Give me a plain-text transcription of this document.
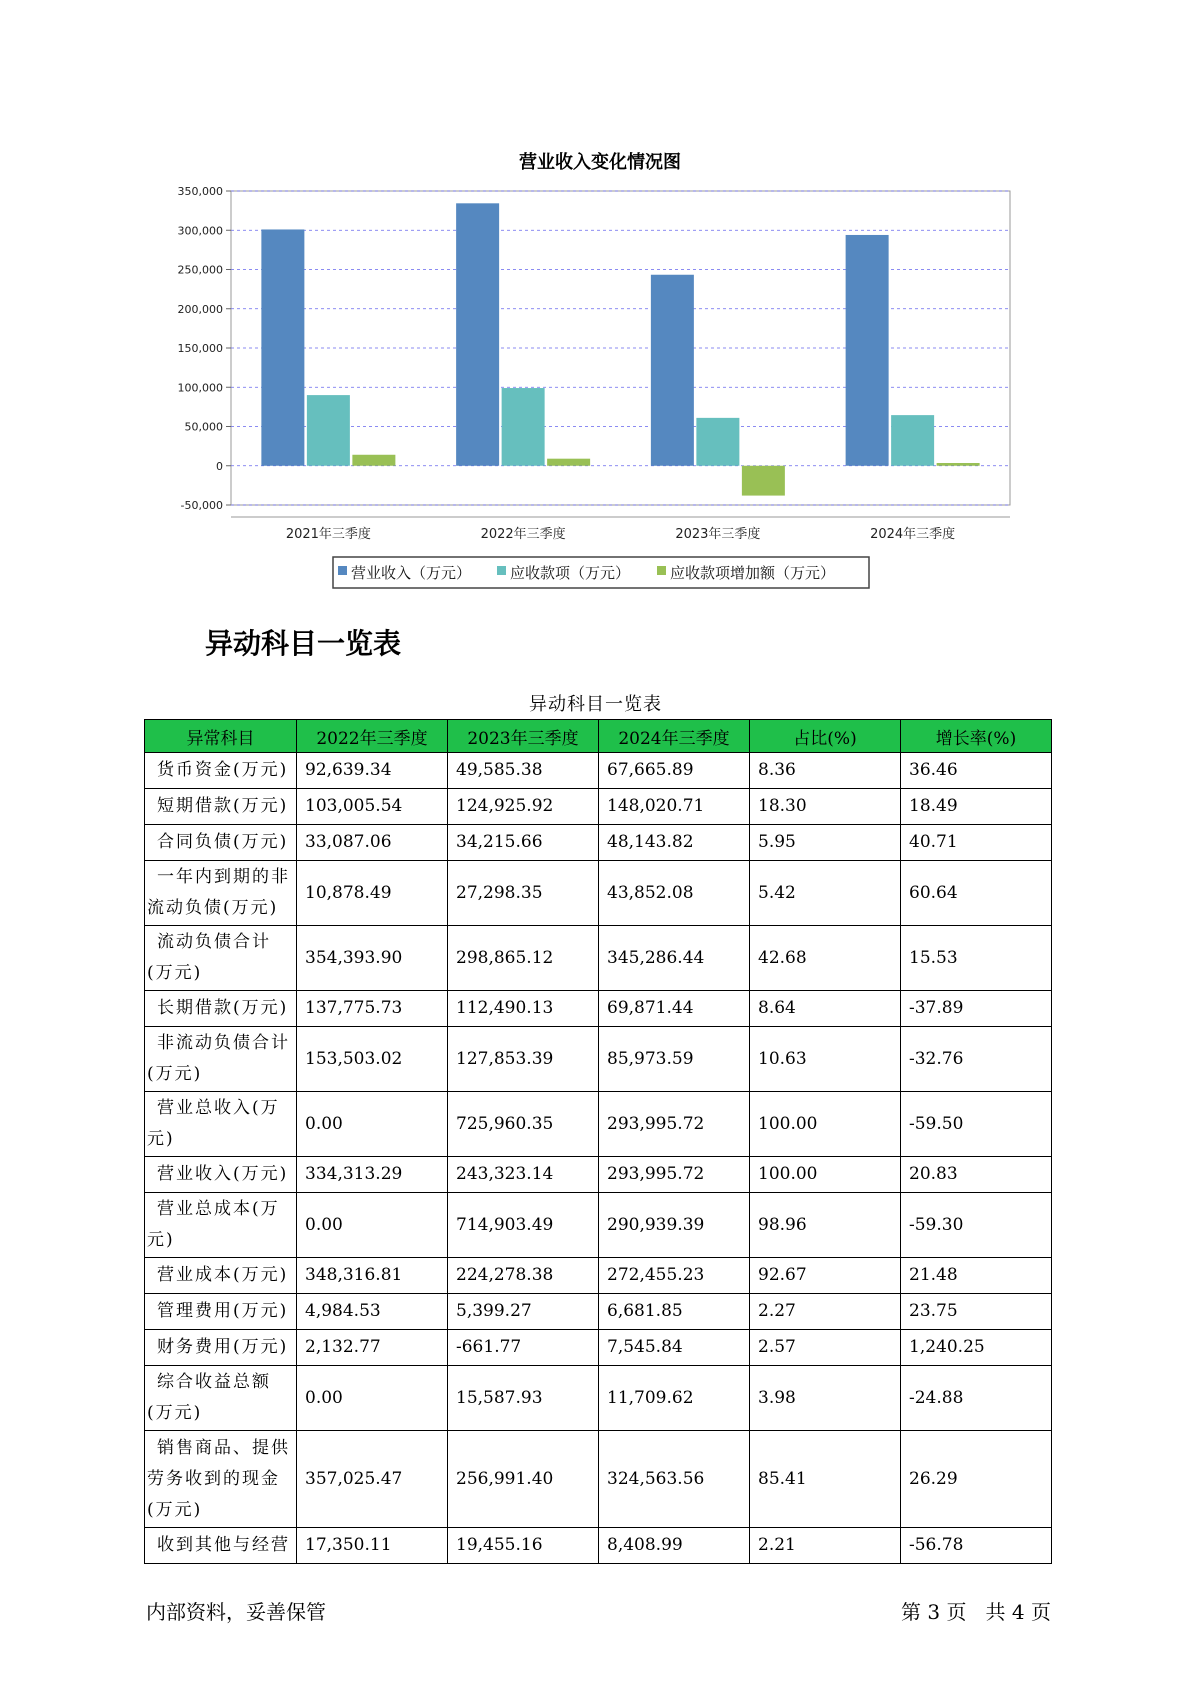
营业收入变化情况图
-50,000
0
50,000
100,000
150,000
200,000
250,000
300,000
350,000
2021年三季度	2022年三季度	2023年三季度	2024年三季度
营业收入（万元）	应收款项（万元）	应收款项增加额（万元）
异动科目一览表
异动科目一览表
异常科目	2022年三季度	2023年三季度	2024年三季度	占比(%)	增长率(%)
货币资金(万元)	92,639.34	49,585.38	67,665.89	8.36	36.46
短期借款(万元)	103,005.54	124,925.92	148,020.71	18.30	18.49
合同负债(万元)	33,087.06	34,215.66	48,143.82	5.95	40.71
一年内到期的非流动负债(万元)	10,878.49	27,298.35	43,852.08	5.42	60.64
流动负债合计(万元)	354,393.90	298,865.12	345,286.44	42.68	15.53
长期借款(万元)	137,775.73	112,490.13	69,871.44	8.64	-37.89
非流动负债合计(万元)	153,503.02	127,853.39	85,973.59	10.63	-32.76
营业总收入(万元)	0.00	725,960.35	293,995.72	100.00	-59.50
营业收入(万元)	334,313.29	243,323.14	293,995.72	100.00	20.83
营业总成本(万元)	0.00	714,903.49	290,939.39	98.96	-59.30
营业成本(万元)	348,316.81	224,278.38	272,455.23	92.67	21.48
管理费用(万元)	4,984.53	5,399.27	6,681.85	2.27	23.75
财务费用(万元)	2,132.77	-661.77	7,545.84	2.57	1,240.25
综合收益总额(万元)	0.00	15,587.93	11,709.62	3.98	-24.88
销售商品、提供劳务收到的现金(万元)	357,025.47	256,991.40	324,563.56	85.41	26.29
收到其他与经营	17,350.11	19,455.16	8,408.99	2.21	-56.78
内部资料，妥善保管	第 3 页   共 4 页
